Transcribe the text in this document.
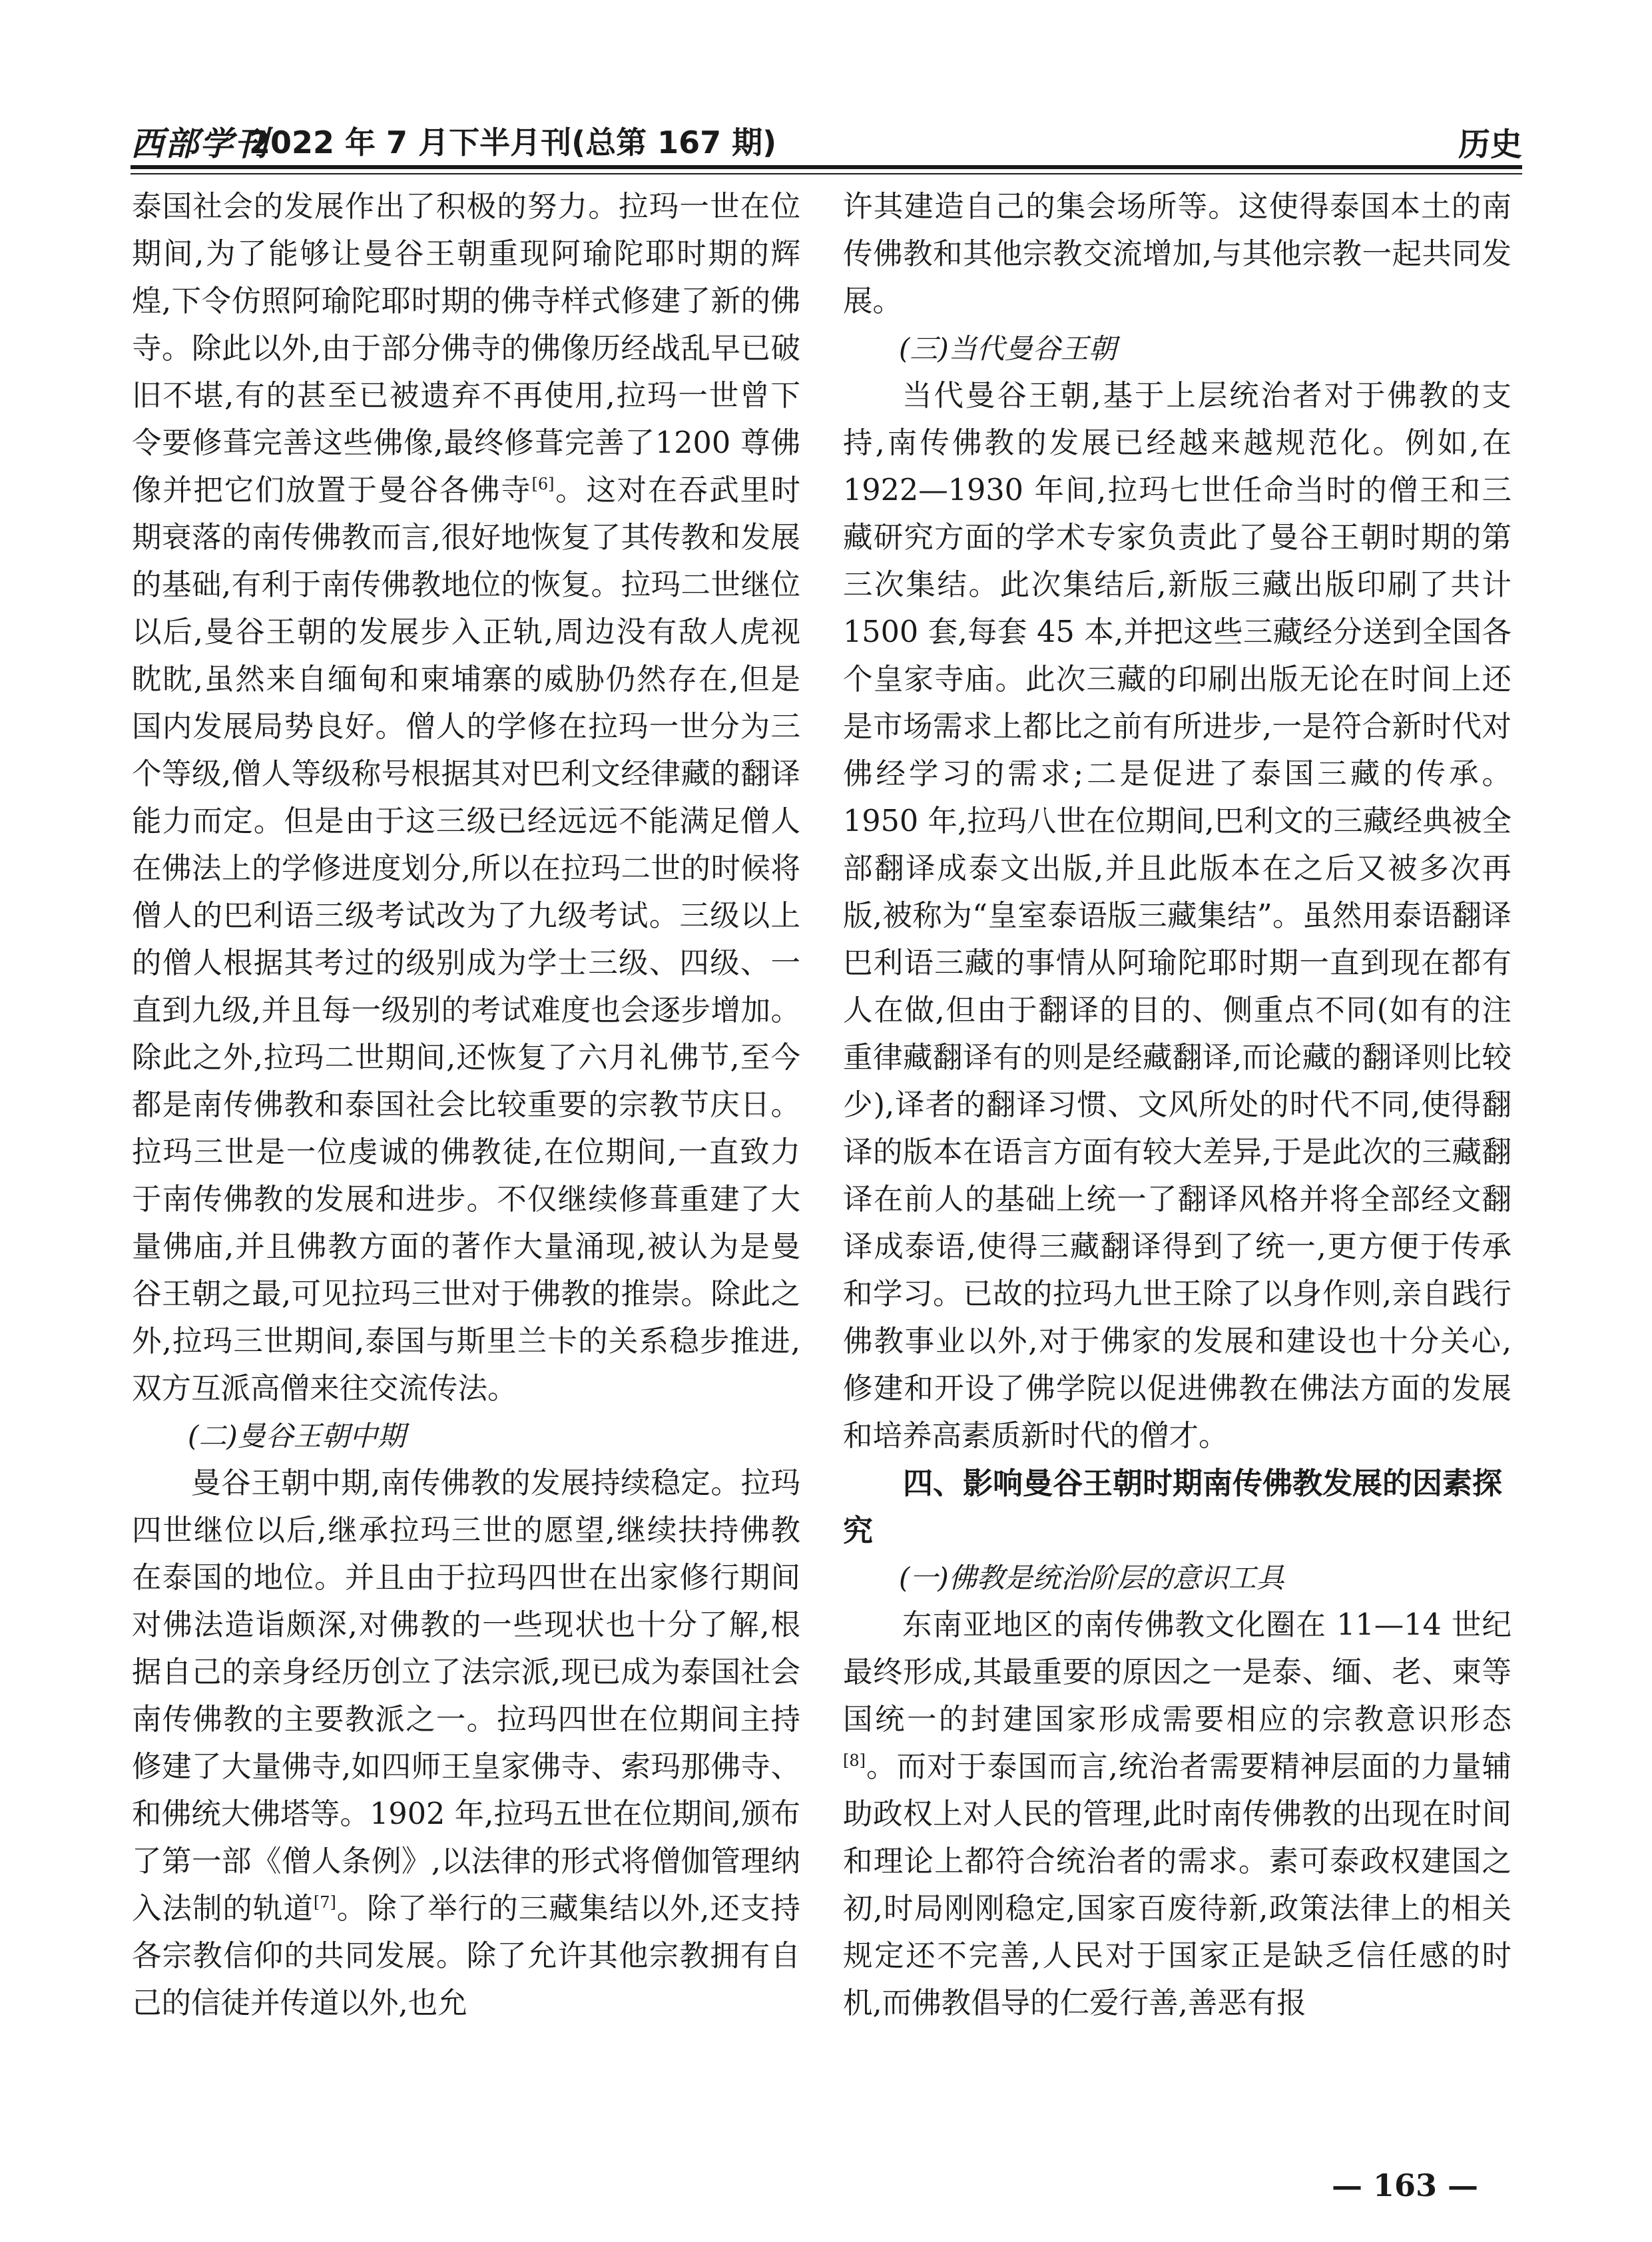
西部学刊
2022 年 7 月下半月刊(总第 167 期)	历史

泰国社会的发展作出了积极的努力。拉玛一世在位期间,为了能够让曼谷王朝重现阿瑜陀耶时期的辉煌,下令仿照阿瑜陀耶时期的佛寺样式修建了新的佛寺。除此以外,由于部分佛寺的佛像历经战乱早已破旧不堪,有的甚至已被遗弃不再使用,拉玛一世曾下令要修葺完善这些佛像,最终修葺完善了1200 尊佛像并把它们放置于曼谷各佛寺[6]。这对在吞武里时期衰落的南传佛教而言,很好地恢复了其传教和发展的基础,有利于南传佛教地位的恢复。拉玛二世继位以后,曼谷王朝的发展步入正轨,周边没有敌人虎视眈眈,虽然来自缅甸和柬埔寨的威胁仍然存在,但是国内发展局势良好。僧人的学修在拉玛一世分为三个等级,僧人等级称号根据其对巴利文经律藏的翻译能力而定。但是由于这三级已经远远不能满足僧人在佛法上的学修进度划分,所以在拉玛二世的时候将僧人的巴利语三级考试改为了九级考试。三级以上的僧人根据其考过的级别成为学士三级、四级、一直到九级,并且每一级别的考试难度也会逐步增加。除此之外,拉玛二世期间,还恢复了六月礼佛节,至今都是南传佛教和泰国社会比较重要的宗教节庆日。拉玛三世是一位虔诚的佛教徒,在位期间,一直致力于南传佛教的发展和进步。不仅继续修葺重建了大量佛庙,并且佛教方面的著作大量涌现,被认为是曼谷王朝之最,可见拉玛三世对于佛教的推崇。除此之外,拉玛三世期间,泰国与斯里兰卡的关系稳步推进,双方互派高僧来往交流传法。

(二)曼谷王朝中期

曼谷王朝中期,南传佛教的发展持续稳定。拉玛四世继位以后,继承拉玛三世的愿望,继续扶持佛教在泰国的地位。并且由于拉玛四世在出家修行期间对佛法造诣颇深,对佛教的一些现状也十分了解,根据自己的亲身经历创立了法宗派,现已成为泰国社会南传佛教的主要教派之一。拉玛四世在位期间主持修建了大量佛寺,如四师王皇家佛寺、索玛那佛寺、和佛统大佛塔等。1902 年,拉玛五世在位期间,颁布了第一部《僧人条例》,以法律的形式将僧伽管理纳入法制的轨道[7]。除了举行的三藏集结以外,还支持各宗教信仰的共同发展。除了允许其他宗教拥有自己的信徒并传道以外,也允

许其建造自己的集会场所等。这使得泰国本土的南传佛教和其他宗教交流增加,与其他宗教一起共同发展。

(三)当代曼谷王朝

当代曼谷王朝,基于上层统治者对于佛教的支持,南传佛教的发展已经越来越规范化。例如,在1922—1930 年间,拉玛七世任命当时的僧王和三藏研究方面的学术专家负责此了曼谷王朝时期的第三次集结。此次集结后,新版三藏出版印刷了共计1500 套,每套 45 本,并把这些三藏经分送到全国各个皇家寺庙。此次三藏的印刷出版无论在时间上还是市场需求上都比之前有所进步,一是符合新时代对佛经学习的需求;二是促进了泰国三藏的传承。1950 年,拉玛八世在位期间,巴利文的三藏经典被全部翻译成泰文出版,并且此版本在之后又被多次再版,被称为“皇室泰语版三藏集结”。虽然用泰语翻译巴利语三藏的事情从阿瑜陀耶时期一直到现在都有人在做,但由于翻译的目的、侧重点不同(如有的注重律藏翻译有的则是经藏翻译,而论藏的翻译则比较少),译者的翻译习惯、文风所处的时代不同,使得翻译的版本在语言方面有较大差异,于是此次的三藏翻译在前人的基础上统一了翻译风格并将全部经文翻译成泰语,使得三藏翻译得到了统一,更方便于传承和学习。已故的拉玛九世王除了以身作则,亲自践行佛教事业以外,对于佛家的发展和建设也十分关心,修建和开设了佛学院以促进佛教在佛法方面的发展和培养高素质新时代的僧才。

四、影响曼谷王朝时期南传佛教发展的因素探究
(一)佛教是统治阶层的意识工具

东南亚地区的南传佛教文化圈在 11—14 世纪最终形成,其最重要的原因之一是泰、缅、老、柬等国统一的封建国家形成需要相应的宗教意识形态[8]。而对于泰国而言,统治者需要精神层面的力量辅助政权上对人民的管理,此时南传佛教的出现在时间和理论上都符合统治者的需求。素可泰政权建国之初,时局刚刚稳定,国家百废待新,政策法律上的相关规定还不完善,人民对于国家正是缺乏信任感的时机,而佛教倡导的仁爱行善,善恶有报

— 163 —
